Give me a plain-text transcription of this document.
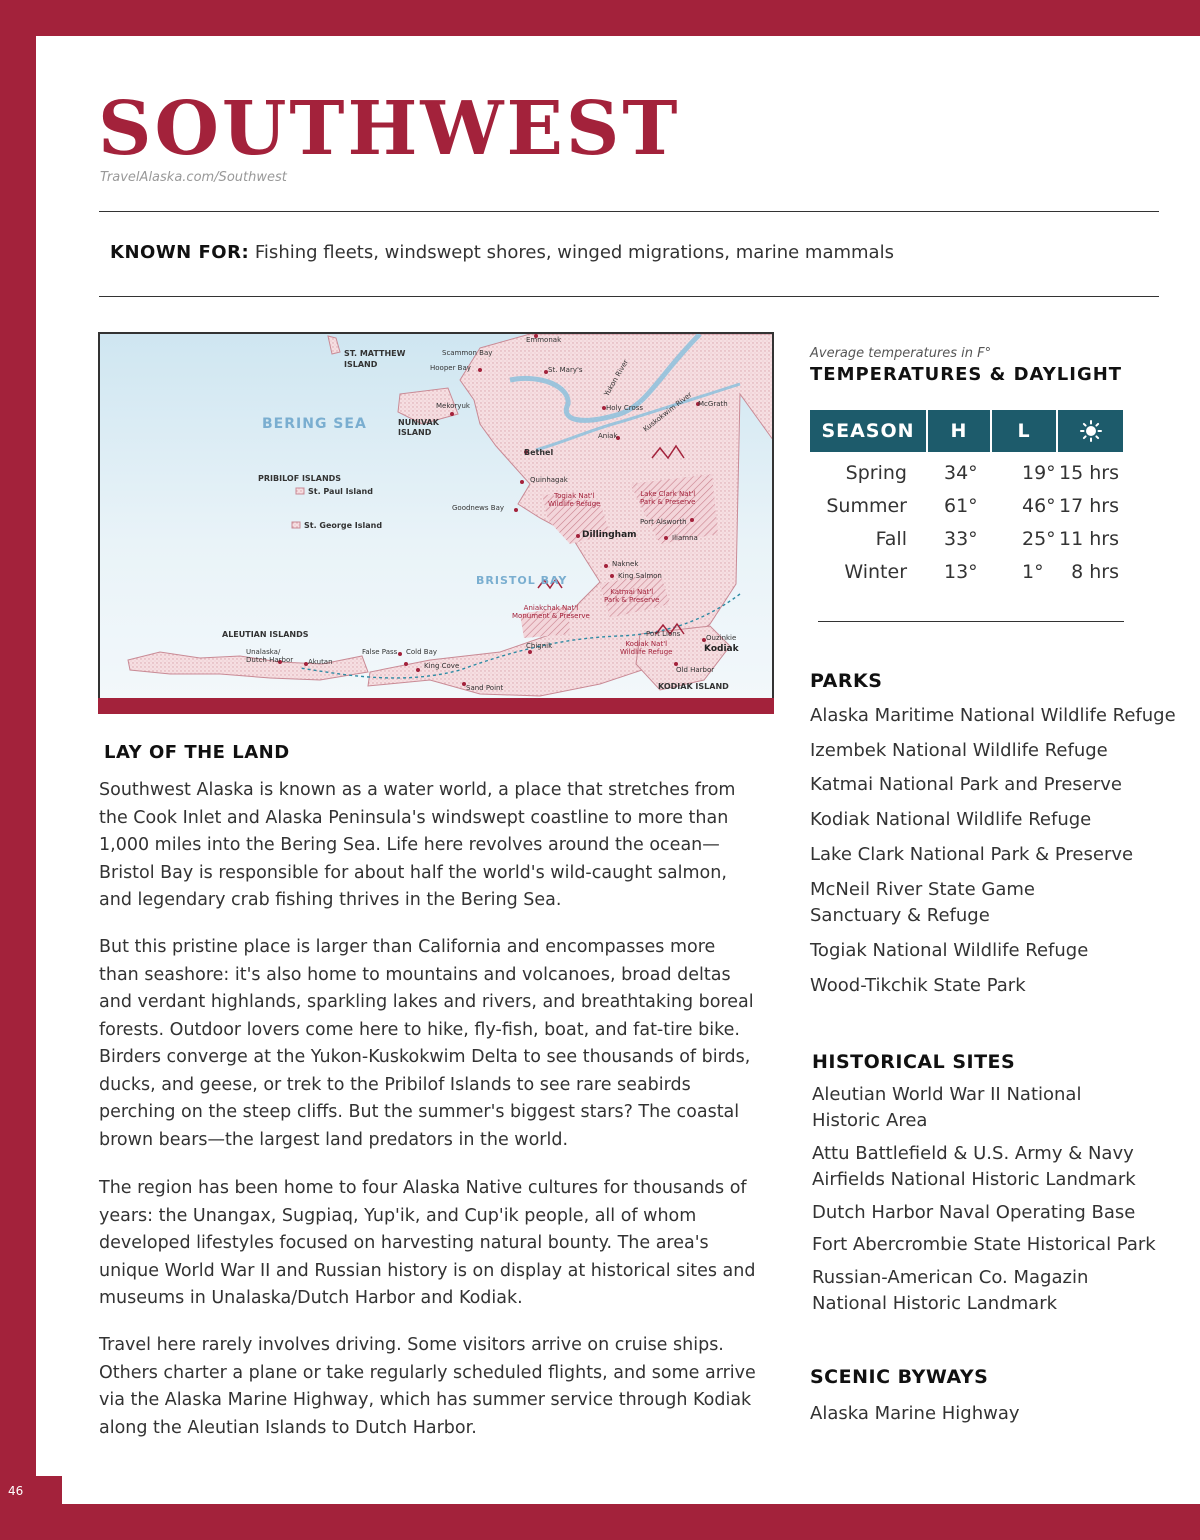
46
SOUTHWEST
TravelAlaska.com/Southwest
KNOWN FOR: Fishing fleets, windswept shores, winged migrations, marine mammals
ST. MATTHEW
ISLAND
Scammon Bay
Hooper Bay
Emmonak
St. Mary's	Yukon River
Kuskokwim River McGrath
Holy Cross
Mekoryuk
NUNIVAK
ISLAND
BERING SEA
Aniak
Bethel
PRIBILOF ISLANDS
St. Paul Island
St. George Island
Quinhagak
Togiak Nat'l
Wildlife Refuge
Lake Clark Nat'l
Park & Preserve
Goodnews Bay
Port Alsworth
Dillingham	Iliamna
Naknek
King Salmon
BRISTOL BAY
Katmai Nat'l
Park & Preserve
Aniakchak Nat'l
Monument & Preserve
ALEUTIAN ISLANDS	Port Lions	Ouzinkie
Chignik	Kodiak Nat'l
Wildlife Refuge	Kodiak
Unalaska/
Dutch Harbor
False Pass Cold Bay
Akutan	King Cove	Old Harbor
KODIAK ISLAND
Sand Point
LAY OF THE LAND

Southwest Alaska is known as a water world, a place that stretches from the Cook Inlet and Alaska Peninsula's windswept coastline to more than 1,000 miles into the Bering Sea. Life here revolves around the ocean—Bristol Bay is responsible for about half the world's wild-caught salmon, and legendary crab fishing thrives in the Bering Sea.

But this pristine place is larger than California and encompasses more than seashore: it's also home to mountains and volcanoes, broad deltas and verdant highlands, sparkling lakes and rivers, and breathtaking boreal forests. Outdoor lovers come here to hike, fly-fish, boat, and fat-tire bike. Birders converge at the Yukon-Kuskokwim Delta to see thousands of birds, ducks, and geese, or trek to the Pribilof Islands to see rare seabirds perching on the steep cliffs. But the summer's biggest stars? The coastal brown bears—the largest land predators in the world.

The region has been home to four Alaska Native cultures for thousands of years: the Unangax, Sugpiaq, Yup'ik, and Cup'ik people, all of whom developed lifestyles focused on harvesting natural bounty. The area's unique World War II and Russian history is on display at historical sites and museums in Unalaska/Dutch Harbor and Kodiak.

Travel here rarely involves driving. Some visitors arrive on cruise ships. Others charter a plane or take regularly scheduled flights, and some arrive via the Alaska Marine Highway, which has summer service through Kodiak along the Aleutian Islands to Dutch Harbor.

Average temperatures in F°
TEMPERATURES & DAYLIGHT
SEASON	H	L
Spring 34° 19° 15 hrs
Summer 61° 46° 17 hrs
Fall 33° 25° 11 hrs
Winter 13° 1° 8 hrs
PARKS
Alaska Maritime National Wildlife Refuge
Izembek National Wildlife Refuge
Katmai National Park and Preserve
Kodiak National Wildlife Refuge
Lake Clark National Park & Preserve
McNeil River State Game Sanctuary & Refuge
Togiak National Wildlife Refuge
Wood-Tikchik State Park
HISTORICAL SITES
Aleutian World War II National Historic Area
Attu Battlefield & U.S. Army & Navy Airfields National Historic Landmark
Dutch Harbor Naval Operating Base
Fort Abercrombie State Historical Park
Russian-American Co. Magazin National Historic Landmark
SCENIC BYWAYS
Alaska Marine Highway
